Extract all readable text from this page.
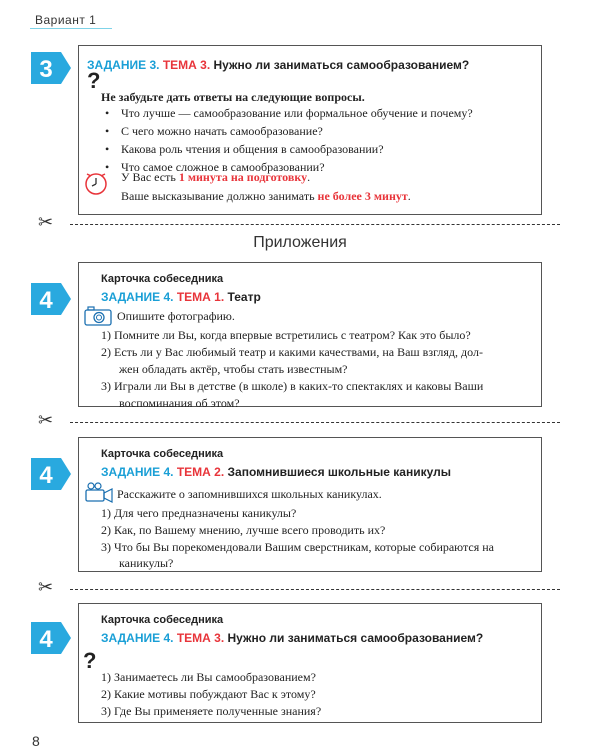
Вариант 1
3	ЗАДАНИЕ 3. ТЕМА 3. Нужно ли заниматься самообразованием?
?
Не забудьте дать ответы на следующие вопросы.
• Что лучше — самообразование или формальное обучение и почему?
• С чего можно начать самообразование?
• Какова роль чтения и общения в самообразовании?
• Что самое сложное в самообразовании?
У Вас есть 1 минута на подготовку.
Ваше высказывание должно занимать не более 3 минут.
✂
Приложения
4
Карточка собеседника
ЗАДАНИЕ 4. ТЕМА 1. Театр
Опишите фотографию.
1) Помните ли Вы, когда впервые встретились с театром? Как это было?
2) Есть ли у Вас любимый театр и какими качествами, на Ваш взгляд, дол-
жен обладать актёр, чтобы стать известным?
3) Играли ли Вы в детстве (в школе) в каких-то спектаклях и каковы Ваши
воспоминания об этом?
✂
4
Карточка собеседника
ЗАДАНИЕ 4. ТЕМА 2. Запомнившиеся школьные каникулы
Расскажите о запомнившихся школьных каникулах.
1) Для чего предназначены каникулы?
2) Как, по Вашему мнению, лучше всего проводить их?
3) Что бы Вы порекомендовали Вашим сверстникам, которые собираются на
каникулы?
✂
4
Карточка собеседника
ЗАДАНИЕ 4. ТЕМА 3. Нужно ли заниматься самообразованием?
?
1) Занимаетесь ли Вы самообразованием?
2) Какие мотивы побуждают Вас к этому?
3) Где Вы применяете полученные знания?
8
